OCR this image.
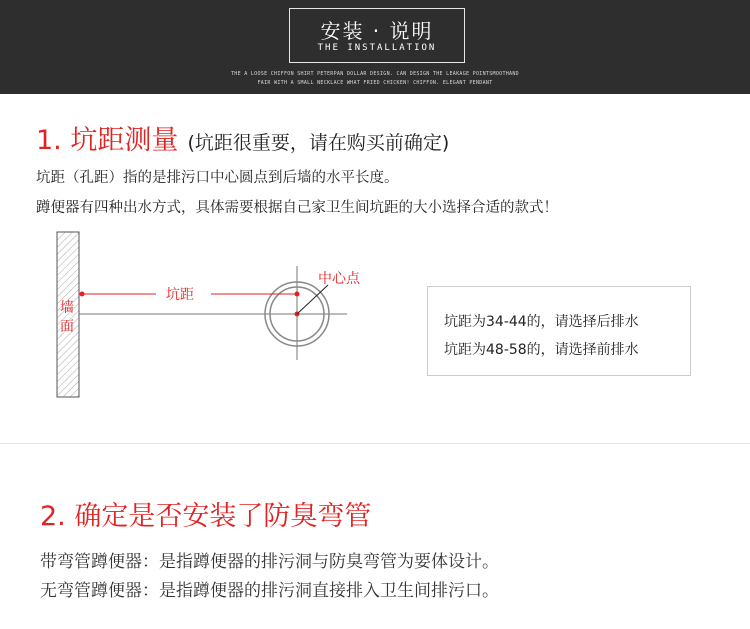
安装 · 说明
THE INSTALLATION
THE A LOOSE CHIFFON SHIRT PETERPAN DOLLAR DESIGN. CAN DESIGN THE LEAKAGE POINTSMOOTHAND
FAIR WITH A SMALL NECKLACE WHAT FRIED CHICKEN! CHIFFON. ELEGANT PENDANT
1. 坑距测量 (坑距很重要，请在购买前确定)
坑距（孔距）指的是排污口中心圆点到后墙的水平长度。
蹲便器有四种出水方式，具体需要根据自己家卫生间坑距的大小选择合适的款式！
墙
面
坑距
中心点
坑距为34-44的，请选择后排水
坑距为48-58的，请选择前排水
2. 确定是否安装了防臭弯管
带弯管蹲便器：是指蹲便器的排污洞与防臭弯管为要体设计。
无弯管蹲便器：是指蹲便器的排污洞直接排入卫生间排污口。
